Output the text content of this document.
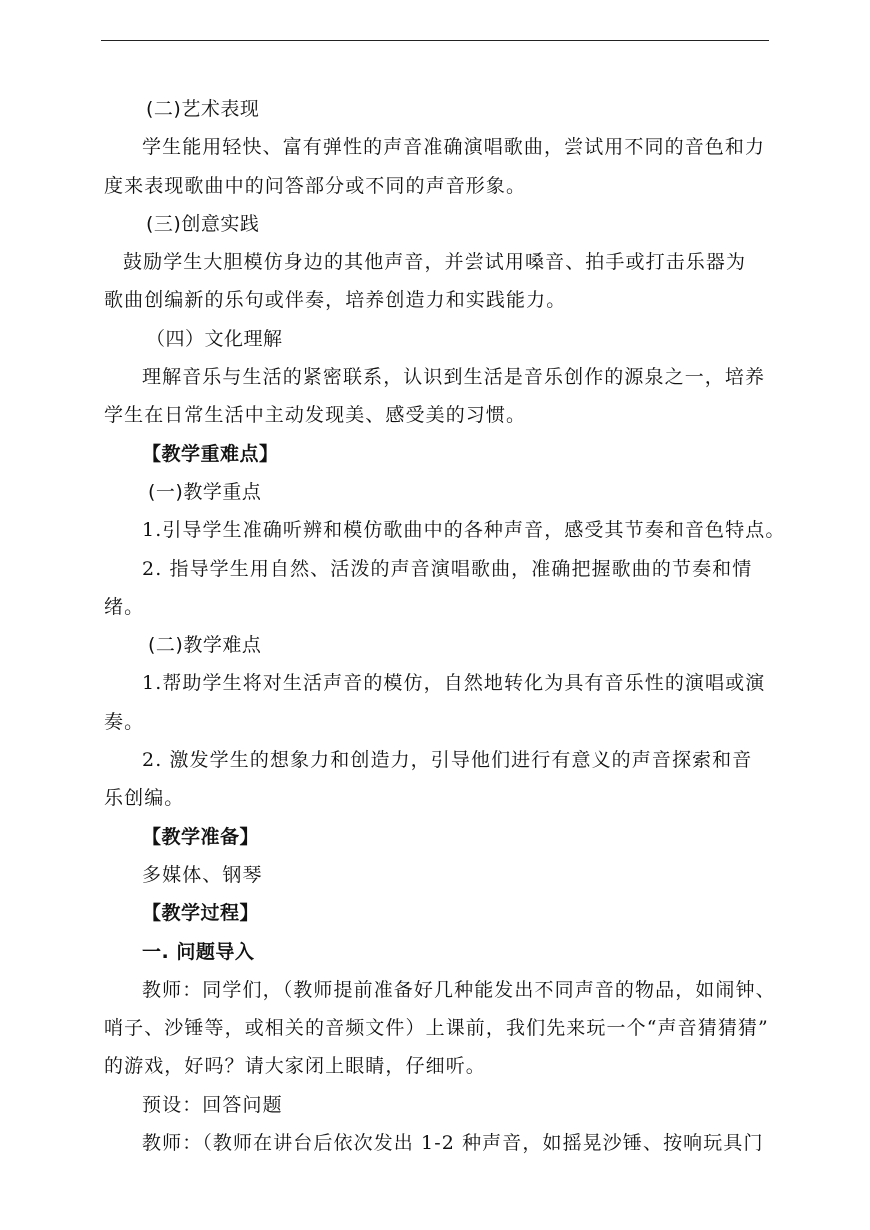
(二)艺术表现
学生能用轻快、富有弹性的声音准确演唱歌曲，尝试用不同的音色和力
度来表现歌曲中的问答部分或不同的声音形象。
(三)创意实践
鼓励学生大胆模仿身边的其他声音，并尝试用嗓音、拍手或打击乐器为
歌曲创编新的乐句或伴奏，培养创造力和实践能力。
（四）文化理解
理解音乐与生活的紧密联系，认识到生活是音乐创作的源泉之一，培养
学生在日常生活中主动发现美、感受美的习惯。
【教学重难点】
(一)教学重点
1.引导学生准确听辨和模仿歌曲中的各种声音，感受其节奏和音色特点。
2. 指导学生用自然、活泼的声音演唱歌曲，准确把握歌曲的节奏和情
绪。
(二)教学难点
1.帮助学生将对生活声音的模仿，自然地转化为具有音乐性的演唱或演
奏。
2. 激发学生的想象力和创造力，引导他们进行有意义的声音探索和音
乐创编。
【教学准备】
多媒体、钢琴
【教学过程】
一. 问题导入
教师：同学们，（教师提前准备好几种能发出不同声音的物品，如闹钟、
哨子、沙锤等，或相关的音频文件）上课前，我们先来玩一个“声音猜猜猜”
的游戏，好吗？请大家闭上眼睛，仔细听。
预设：回答问题
教师：（教师在讲台后依次发出 1-2 种声音，如摇晃沙锤、按响玩具门
